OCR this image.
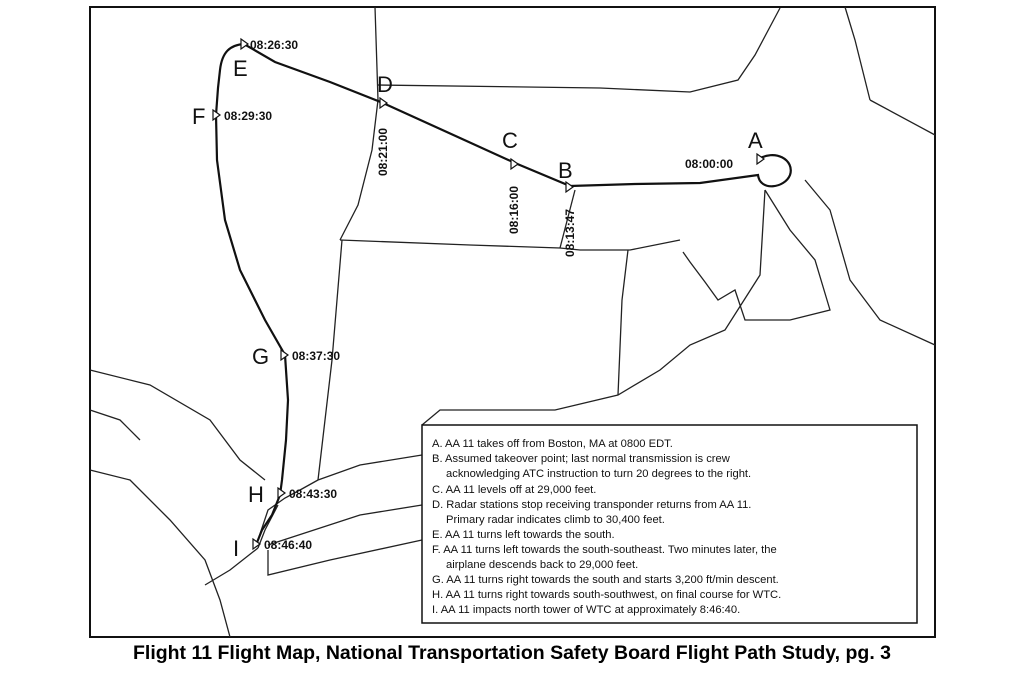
A
B
C
D
E
F
G
H
I
08:00:00
08:13:47
08:16:00
08:21:00
08:26:30
08:29:30
08:37:30
08:43:30
08:46:40
A. AA 11 takes off from Boston, MA at 0800 EDT.
B. Assumed takeover point; last normal transmission is crew
acknowledging ATC instruction to turn 20 degrees to the right.
C. AA 11 levels off at 29,000 feet.
D. Radar stations stop receiving transponder returns from AA 11.
Primary radar indicates climb to 30,400 feet.
E. AA 11 turns left towards the south.
F. AA 11 turns left towards the south-southeast. Two minutes later, the
airplane descends back to 29,000 feet.
G. AA 11 turns right towards the south and starts 3,200 ft/min descent.
H. AA 11 turns right towards south-southwest, on final course for WTC.
I. AA 11 impacts north tower of WTC at approximately 8:46:40.
Flight 11 Flight Map, National Transportation Safety Board Flight Path Study, pg. 3
